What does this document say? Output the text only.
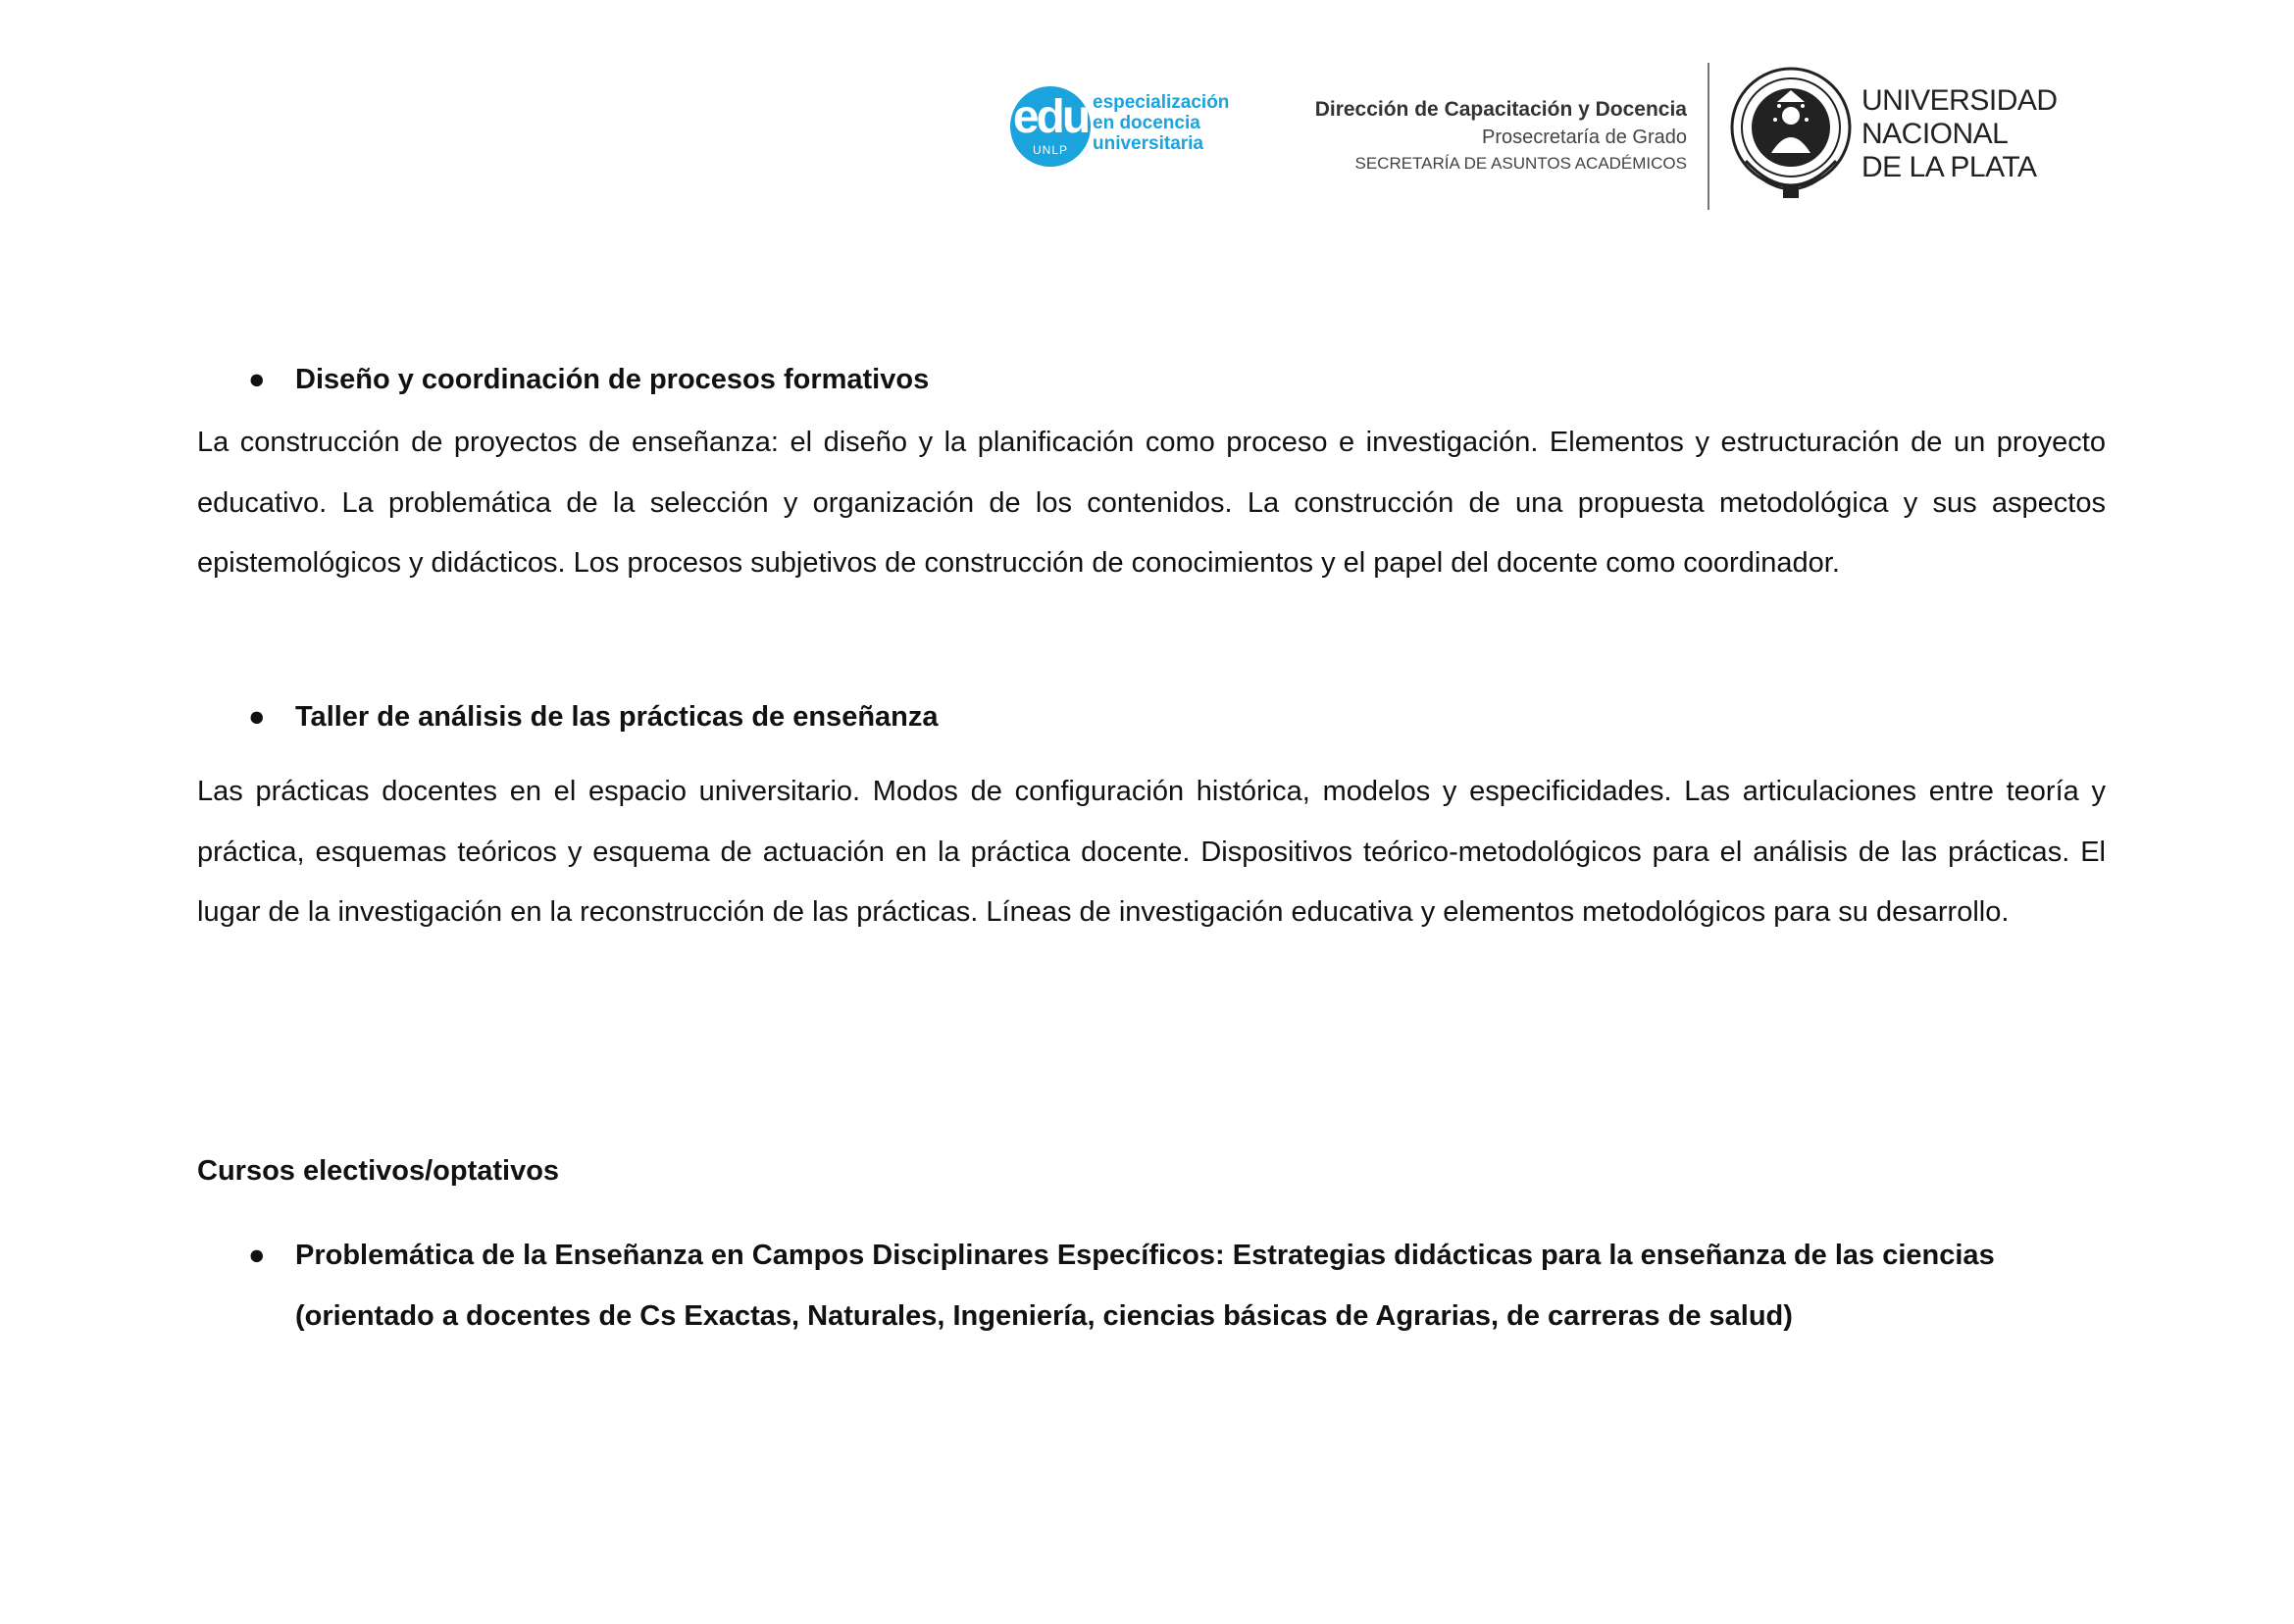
edu
UNLP
especialización
en docencia
universitaria
Dirección de Capacitación y Docencia
Prosecretaría de Grado
SECRETARÍA DE ASUNTOS ACADÉMICOS
UNIVERSIDAD
NACIONAL
DE LA PLATA
● Diseño y coordinación de procesos formativos
La construcción de proyectos de enseñanza: el diseño y la planificación como proceso e investigación. Elementos y estructuración de un proyecto educativo. La problemática de la selección y organización de los contenidos. La construcción de una propuesta metodológica y sus aspectos epistemológicos y didácticos. Los procesos subjetivos de construcción de conocimientos y el papel del docente como coordinador.
● Taller de análisis de las prácticas de enseñanza
Las prácticas docentes en el espacio universitario. Modos de configuración histórica, modelos y especificidades. Las articulaciones entre teoría y práctica, esquemas teóricos y esquema de actuación en la práctica docente. Dispositivos teórico-metodológicos para el análisis de las prácticas. El lugar de la investigación en la reconstrucción de las prácticas. Líneas de investigación educativa y elementos metodológicos para su desarrollo.
Cursos electivos/optativos
● Problemática de la Enseñanza en Campos Disciplinares Específicos: Estrategias didácticas para la enseñanza de las ciencias (orientado a docentes de Cs Exactas, Naturales, Ingeniería, ciencias básicas de Agrarias, de carreras de salud)
